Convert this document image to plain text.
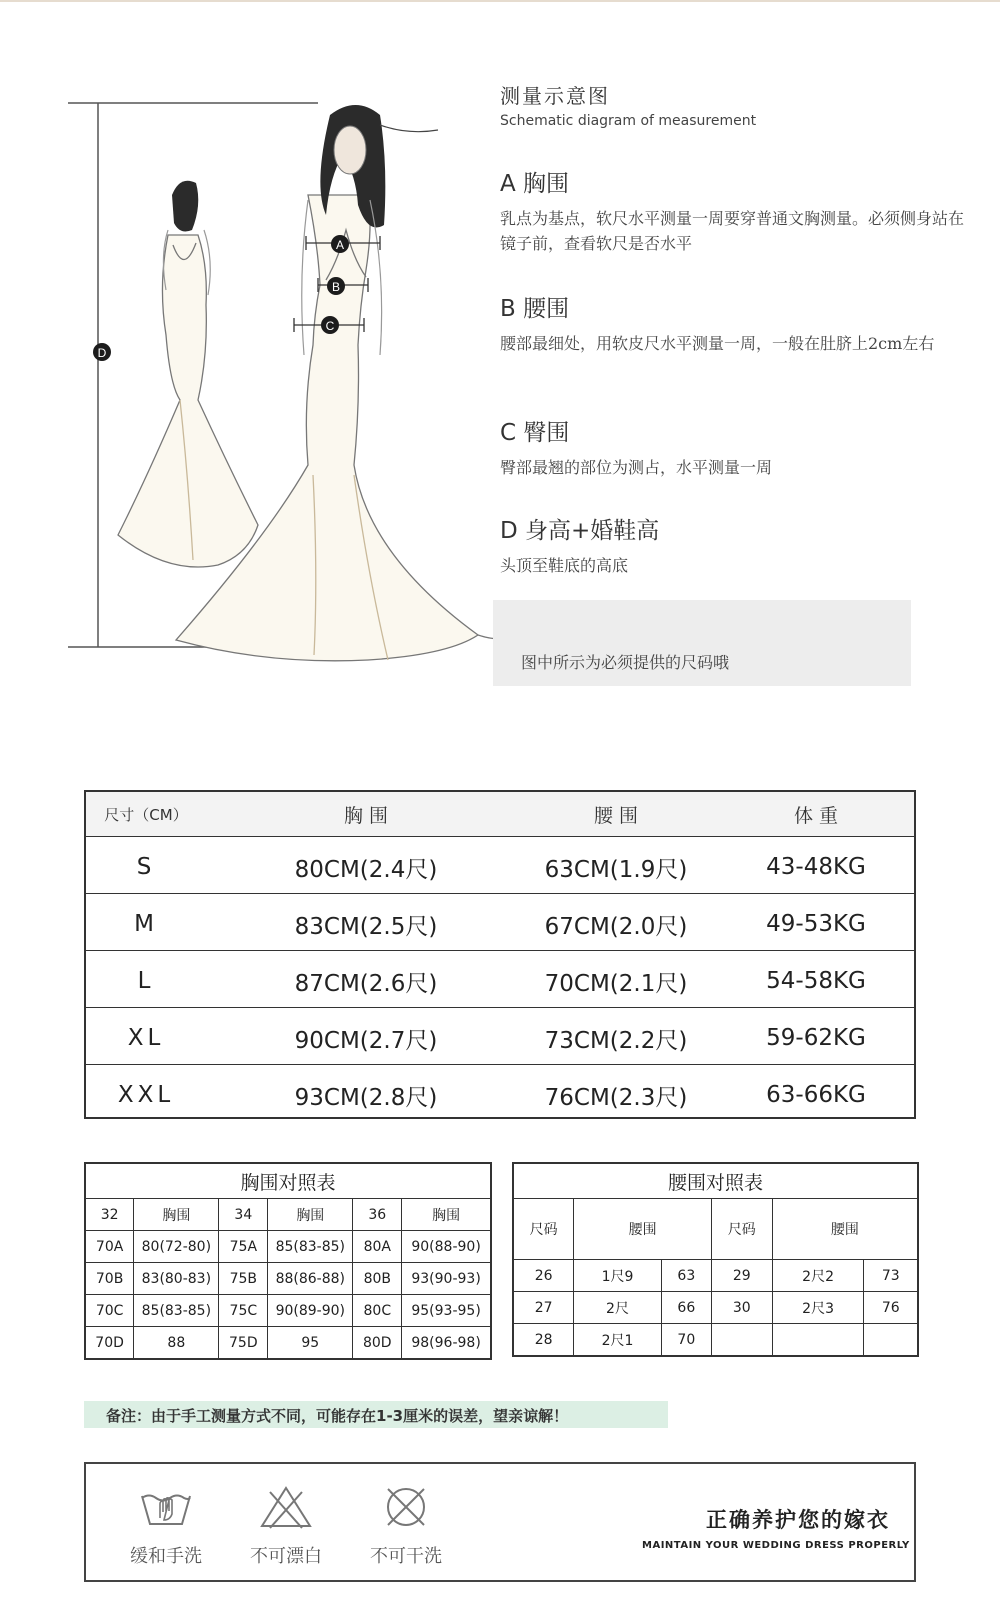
A
B
C
D
测量示意图
Schematic diagram of measurement
A 胸围

乳点为基点，软尺水平测量一周要穿普通文胸测量。必须侧身站在镜子前，查看软尺是否水平

B 腰围

腰部最细处，用软皮尺水平测量一周，一般在肚脐上2cm左右

C 臀围

臀部最翘的部位为测占，水平测量一周

D 身高+婚鞋高

头顶至鞋底的高底

图中所示为必须提供的尺码哦
尺寸（CM）	胸 围	腰 围	体 重
S	80CM(2.4尺)	63CM(1.9尺)	43-48KG
M	83CM(2.5尺)	67CM(2.0尺)	49-53KG
L	87CM(2.6尺)	70CM(2.1尺)	54-58KG
XL	90CM(2.7尺)	73CM(2.2尺)	59-62KG
XXL	93CM(2.8尺)	76CM(2.3尺)	63-66KG
胸围对照表					
32	胸围	34	胸围	36	胸围
70A	80(72-80)	75A	85(83-85)	80A	90(88-90)
70B	83(80-83)	75B	88(86-88)	80B	93(90-93)
70C	85(83-85)	75C	90(89-90)	80C	95(93-95)
70D	88	75D	95	80D	98(96-98)
腰围对照表					
尺码	腰围		尺码	腰围	
26	1尺9	63	29	2尺2	73
27	2尺	66	30	2尺3	76
28	2尺1	70			
备注：由于手工测量方式不同，可能存在1-3厘米的误差，望亲谅解！
缓和手洗	不可漂白	不可干洗
正确养护您的嫁衣
MAINTAIN YOUR WEDDING DRESS PROPERLY
